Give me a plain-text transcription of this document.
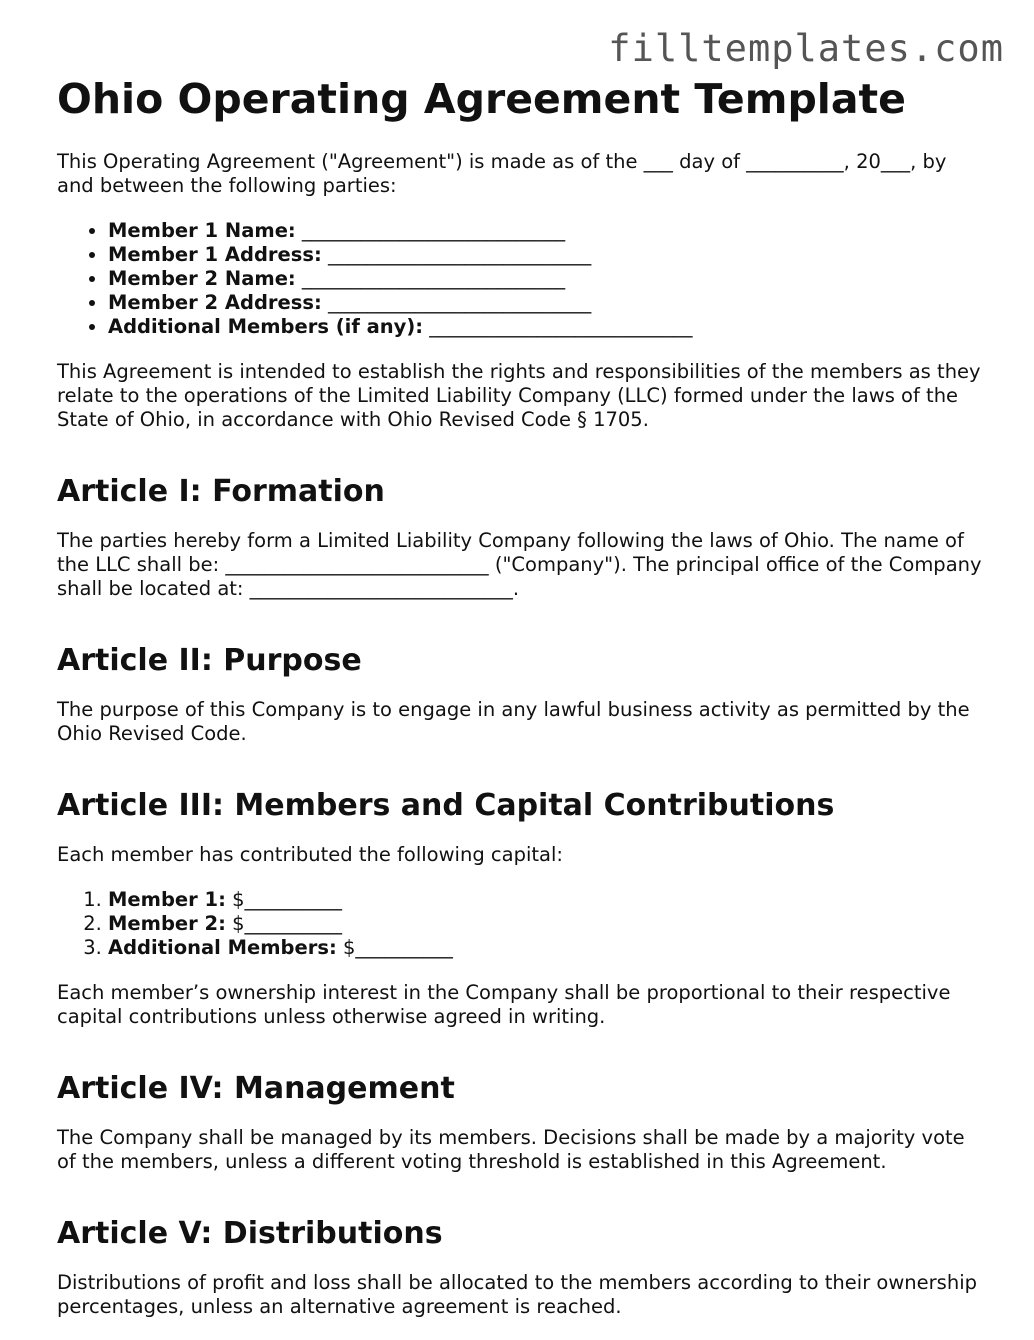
filltemplates.com
Ohio Operating Agreement Template

This Operating Agreement ("Agreement") is made as of the ___ day of __________, 20___, by and between the following parties:

• Member 1 Name: ___________________________
• Member 1 Address: ___________________________
• Member 2 Name: ___________________________
• Member 2 Address: ___________________________
• Additional Members (if any): ___________________________

This Agreement is intended to establish the rights and responsibilities of the members as they relate to the operations of the Limited Liability Company (LLC) formed under the laws of the State of Ohio, in accordance with Ohio Revised Code § 1705.

Article I: Formation

The parties hereby form a Limited Liability Company following the laws of Ohio. The name of the LLC shall be: ___________________________ ("Company"). The principal office of the Company shall be located at: ___________________________.

Article II: Purpose

The purpose of this Company is to engage in any lawful business activity as permitted by the Ohio Revised Code.

Article III: Members and Capital Contributions

Each member has contributed the following capital:

1. Member 1: $__________
2. Member 2: $__________
3. Additional Members: $__________

Each member’s ownership interest in the Company shall be proportional to their respective capital contributions unless otherwise agreed in writing.

Article IV: Management

The Company shall be managed by its members. Decisions shall be made by a majority vote of the members, unless a different voting threshold is established in this Agreement.

Article V: Distributions

Distributions of profit and loss shall be allocated to the members according to their ownership percentages, unless an alternative agreement is reached.
